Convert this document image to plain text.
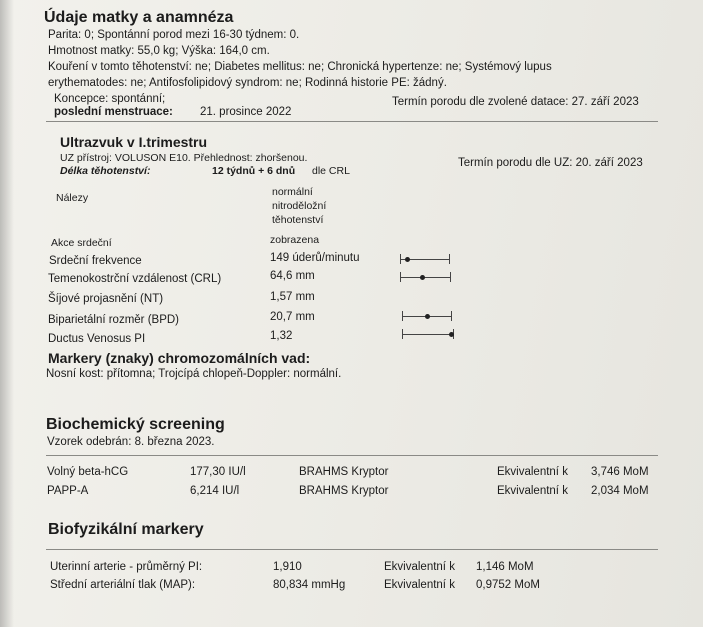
Údaje matky a anamnéza
Parita: 0; Spontánní porod mezi 16-30 týdnem: 0.
Hmotnost matky: 55,0 kg; Výška: 164,0 cm.
Kouření v tomto těhotenství: ne; Diabetes mellitus: ne; Chronická hypertenze: ne; Systémový lupus
erythematodes: ne; Antifosfolipidový syndrom: ne; Rodinná historie PE: žádný.
Koncepce: spontánní;
poslední menstruace: 21. prosince 2022
Termín porodu dle zvolené datace: 27. září 2023
Ultrazvuk v I.trimestru
UZ přístroj: VOLUSON E10. Přehlednost: zhoršenou.
Délka těhotenství:	12 týdnů + 6 dnů dle CRL
Termín porodu dle UZ: 20. září 2023
Nálezy	normální
nitroděložní
těhotenství
Akce srdeční	zobrazena
Srdeční frekvence	149 úderů/minutu
Temenokostrční vzdálenost (CRL)	64,6 mm
Šíjové projasnění (NT)	1,57 mm
Biparietální rozměr (BPD)	20,7 mm
Ductus Venosus PI	1,32
Markery (znaky) chromozomálních vad:
Nosní kost: přítomna; Trojcípá chlopeň-Doppler: normální.
Biochemický screening
Vzorek odebrán: 8. března 2023.
Volný beta-hCG	177,30 IU/l	BRAHMS Kryptor	Ekvivalentní k 3,746 MoM
PAPP-A	6,214 IU/l	BRAHMS Kryptor	Ekvivalentní k 2,034 MoM
Biofyzikální markery
Uterinní arterie - průměrný PI:	1,910	Ekvivalentní k 1,146 MoM
Střední arteriální tlak (MAP):	80,834 mmHg	Ekvivalentní k 0,9752 MoM
